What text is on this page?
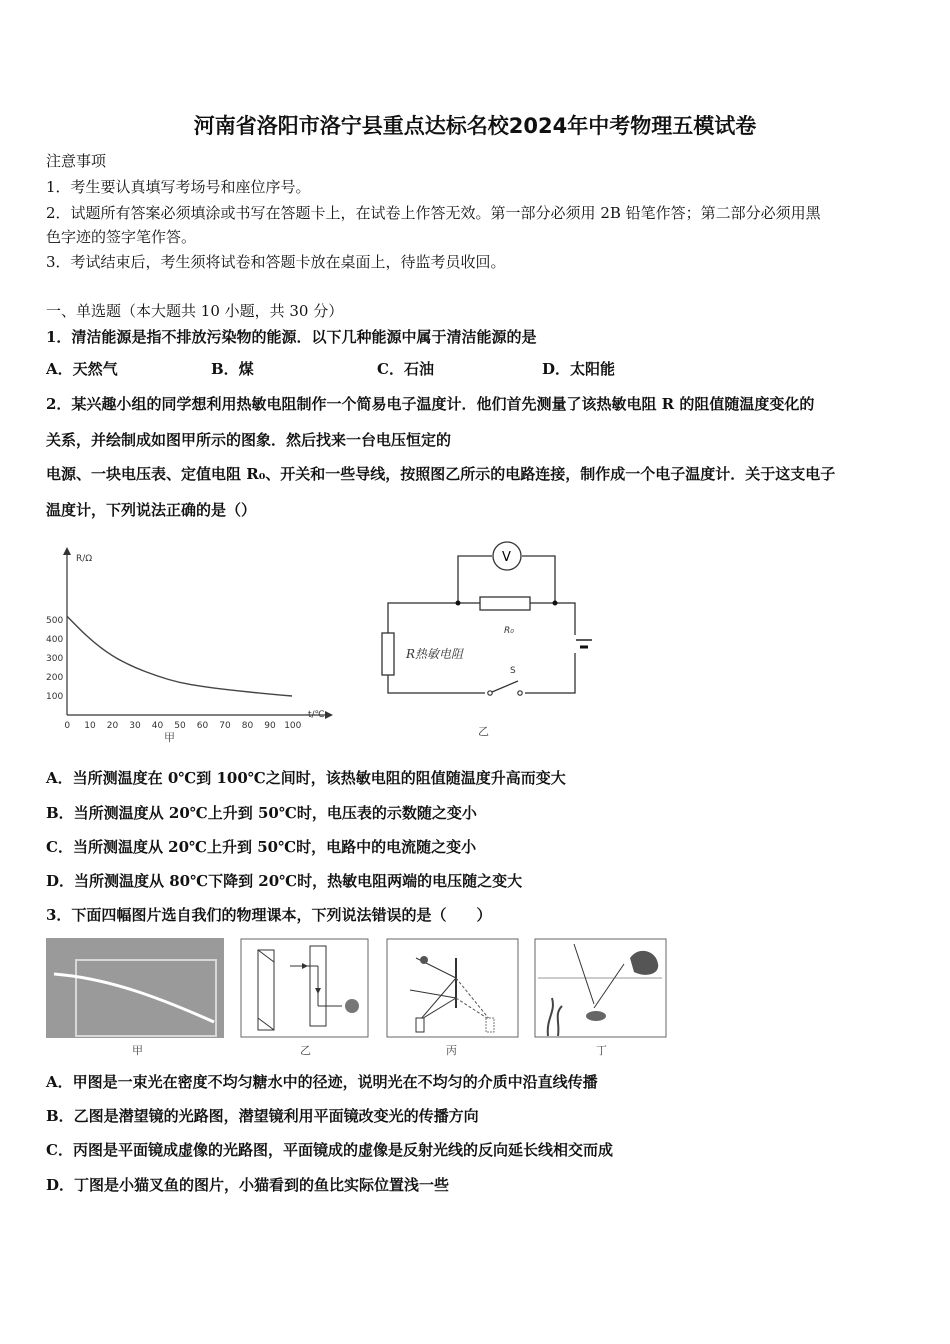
河南省洛阳市洛宁县重点达标名校2024年中考物理五模试卷
注意事项
1．考生要认真填写考场号和座位序号。
2．试题所有答案必须填涂或书写在答题卡上，在试卷上作答无效。第一部分必须用 2B 铅笔作答；第二部分必须用黑
色字迹的签字笔作答。
3．考试结束后，考生须将试卷和答题卡放在桌面上，待监考员收回。
一、单选题（本大题共 10 小题，共 30 分）
1．清洁能源是指不排放污染物的能源．以下几种能源中属于清洁能源的是
A．天然气	B．煤	C．石油	D．太阳能
2．某兴趣小组的同学想利用热敏电阻制作一个简易电子温度计．他们首先测量了该热敏电阻 R 的阻值随温度变化的
关系，并绘制成如图甲所示的图象．然后找来一台电压恒定的
电源、一块电压表、定值电阻 R₀、开关和一些导线，按照图乙所示的电路连接，制作成一个电子温度计．关于这支电子
温度计，下列说法正确的是（）
0 10 20 30 40 50 60 70 80 90 100
100
200
300
400
500
R/Ω
t/℃
甲
V
R₀
R热敏电阻
S
乙
A．当所测温度在 0℃到 100℃之间时，该热敏电阻的阻值随温度升高而变大
B．当所测温度从 20℃上升到 50℃时，电压表的示数随之变小
C．当所测温度从 20℃上升到 50℃时，电路中的电流随之变小
D．当所测温度从 80℃下降到 20℃时，热敏电阻两端的电压随之变大
3．下面四幅图片选自我们的物理课本，下列说法错误的是（　　）
甲	乙	丙	丁
A．甲图是一束光在密度不均匀糖水中的径迹，说明光在不均匀的介质中沿直线传播
B．乙图是潜望镜的光路图，潜望镜利用平面镜改变光的传播方向
C．丙图是平面镜成虚像的光路图，平面镜成的虚像是反射光线的反向延长线相交而成
D．丁图是小猫叉鱼的图片，小猫看到的鱼比实际位置浅一些
